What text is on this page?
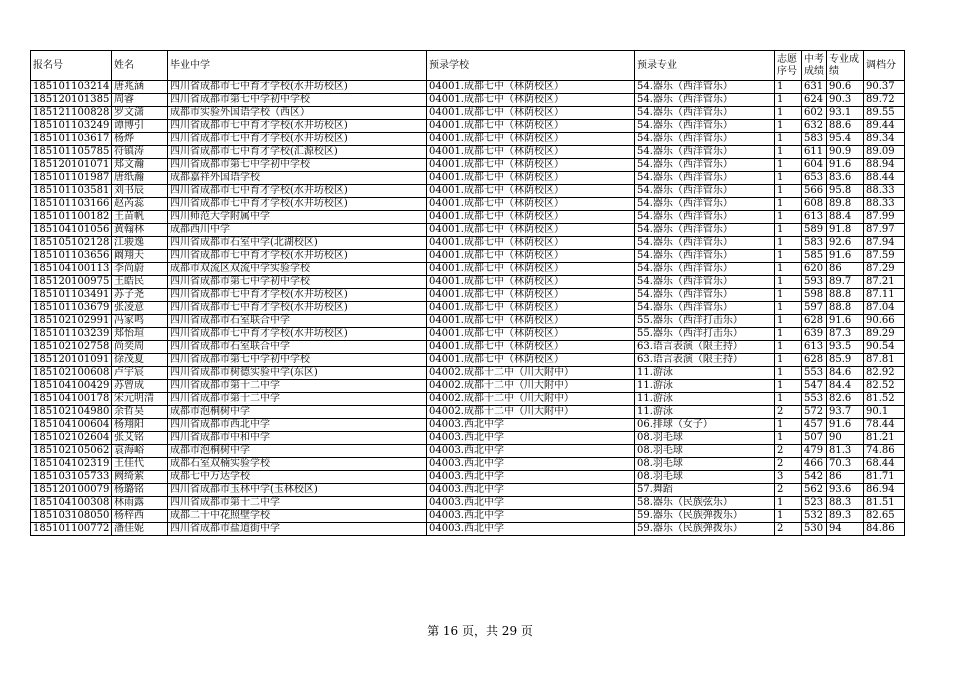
报名号	姓名	毕业中学	预录学校	预录专业	志愿序号	中考成绩	专业成绩	调档分
185101103214	唐兆涵	四川省成都市七中育才学校(水井坊校区)	04001.成都七中（林荫校区）	54.器乐（西洋管乐）	1	631	90.6	90.37
185120101385	周睿	四川省成都市第七中学初中学校	04001.成都七中（林荫校区）	54.器乐（西洋管乐）	1	624	90.3	89.72
185121100828	罗文潇	成都市实验外国语学校（西区）	04001.成都七中（林荫校区）	54.器乐（西洋管乐）	1	602	93.1	89.55
185101103249	谭博引	四川省成都市七中育才学校(水井坊校区)	04001.成都七中（林荫校区）	54.器乐（西洋管乐）	1	632	88.6	89.44
185101103617	杨烨	四川省成都市七中育才学校(水井坊校区)	04001.成都七中（林荫校区）	54.器乐（西洋管乐）	1	583	95.4	89.34
185101105785	符镇涛	四川省成都市七中育才学校(汇源校区)	04001.成都七中（林荫校区）	54.器乐（西洋管乐）	1	611	90.9	89.09
185120101071	郑文瀚	四川省成都市第七中学初中学校	04001.成都七中（林荫校区）	54.器乐（西洋管乐）	1	604	91.6	88.94
185101101987	唐纸瀚	成都嘉祥外国语学校	04001.成都七中（林荫校区）	54.器乐（西洋管乐）	1	653	83.6	88.44
185101103581	刘书辰	四川省成都市七中育才学校(水井坊校区)	04001.成都七中（林荫校区）	54.器乐（西洋管乐）	1	566	95.8	88.33
185101103166	赵芮蕊	四川省成都市七中育才学校(水井坊校区)	04001.成都七中（林荫校区）	54.器乐（西洋管乐）	1	608	89.8	88.33
185101100182	王苗帆	四川师范大学附属中学	04001.成都七中（林荫校区）	54.器乐（西洋管乐）	1	613	88.4	87.99
185104101056	黄翰林	成都西川中学	04001.成都七中（林荫校区）	54.器乐（西洋管乐）	1	589	91.8	87.97
185105102128	江骏逸	四川省成都市石室中学(北湖校区)	04001.成都七中（林荫校区）	54.器乐（西洋管乐）	1	583	92.6	87.94
185101103656	阚翔天	四川省成都市七中育才学校(水井坊校区)	04001.成都七中（林荫校区）	54.器乐（西洋管乐）	1	585	91.6	87.59
185104100113	李尚蔚	成都市双流区双流中学实验学校	04001.成都七中（林荫校区）	54.器乐（西洋管乐）	1	620	86	87.29
185120100975	王皓民	四川省成都市第七中学初中学校	04001.成都七中（林荫校区）	54.器乐（西洋管乐）	1	593	89.7	87.21
185101103491	苏子尧	四川省成都市七中育才学校(水井坊校区)	04001.成都七中（林荫校区）	54.器乐（西洋管乐）	1	598	88.8	87.11
185101103679	张凌意	四川省成都市七中育才学校(水井坊校区)	04001.成都七中（林荫校区）	54.器乐（西洋管乐）	1	597	88.8	87.04
185102102991	冯家鸣	四川省成都市石室联合中学	04001.成都七中（林荫校区）	55.器乐（西洋打击乐）	1	628	91.6	90.66
185101103239	郑怡瑄	四川省成都市七中育才学校(水井坊校区)	04001.成都七中（林荫校区）	55.器乐（西洋打击乐）	1	639	87.3	89.29
185102102758	尚奕周	四川省成都市石室联合中学	04001.成都七中（林荫校区）	63.语言表演（限主持）	1	613	93.5	90.54
185120101091	徐茂夏	四川省成都市第七中学初中学校	04001.成都七中（林荫校区）	63.语言表演（限主持）	1	628	85.9	87.81
185102100608	卢宇宸	四川省成都市树德实验中学(东区)	04002.成都十二中（川大附中）	11.游泳	1	553	84.6	82.92
185104100429	苏曾成	四川省成都市第十二中学	04002.成都十二中（川大附中）	11.游泳	1	547	84.4	82.52
185104100178	宋元明清	四川省成都市第十二中学	04002.成都十二中（川大附中）	11.游泳	1	553	82.6	81.52
185102104980	余哲昊	成都市泡桐树中学	04002.成都十二中（川大附中）	11.游泳	2	572	93.7	90.1
185104100604	杨翔阳	四川省成都市西北中学	04003.西北中学	06.排球（女子）	1	457	91.6	78.44
185102102604	张艾铭	四川省成都市中和中学	04003.西北中学	08.羽毛球	1	507	90	81.21
185102105062	袁海峪	成都市泡桐树中学	04003.西北中学	08.羽毛球	2	479	81.3	74.86
185104102319	王佳代	成都石室双楠实验学校	04003.西北中学	08.羽毛球	2	466	70.3	68.44
185103105733	阙绮萦	成都七中万达学校	04003.西北中学	08.羽毛球	3	542	86	81.71
185120100079	杨璐铭	四川省成都市玉林中学(玉林校区)	04003.西北中学	57.舞蹈	2	562	93.6	86.94
185104100308	林雨露	四川省成都市第十二中学	04003.西北中学	58.器乐（民族弦乐）	1	523	88.3	81.51
185103108050	杨梓西	成都二十中花照壁学校	04003.西北中学	59.器乐（民族弹拨乐）	1	532	89.3	82.65
185101100772	潘佳妮	四川省成都市盐道街中学	04003.西北中学	59.器乐（民族弹拨乐）	2	530	94	84.86
第 16 页，共 29 页
